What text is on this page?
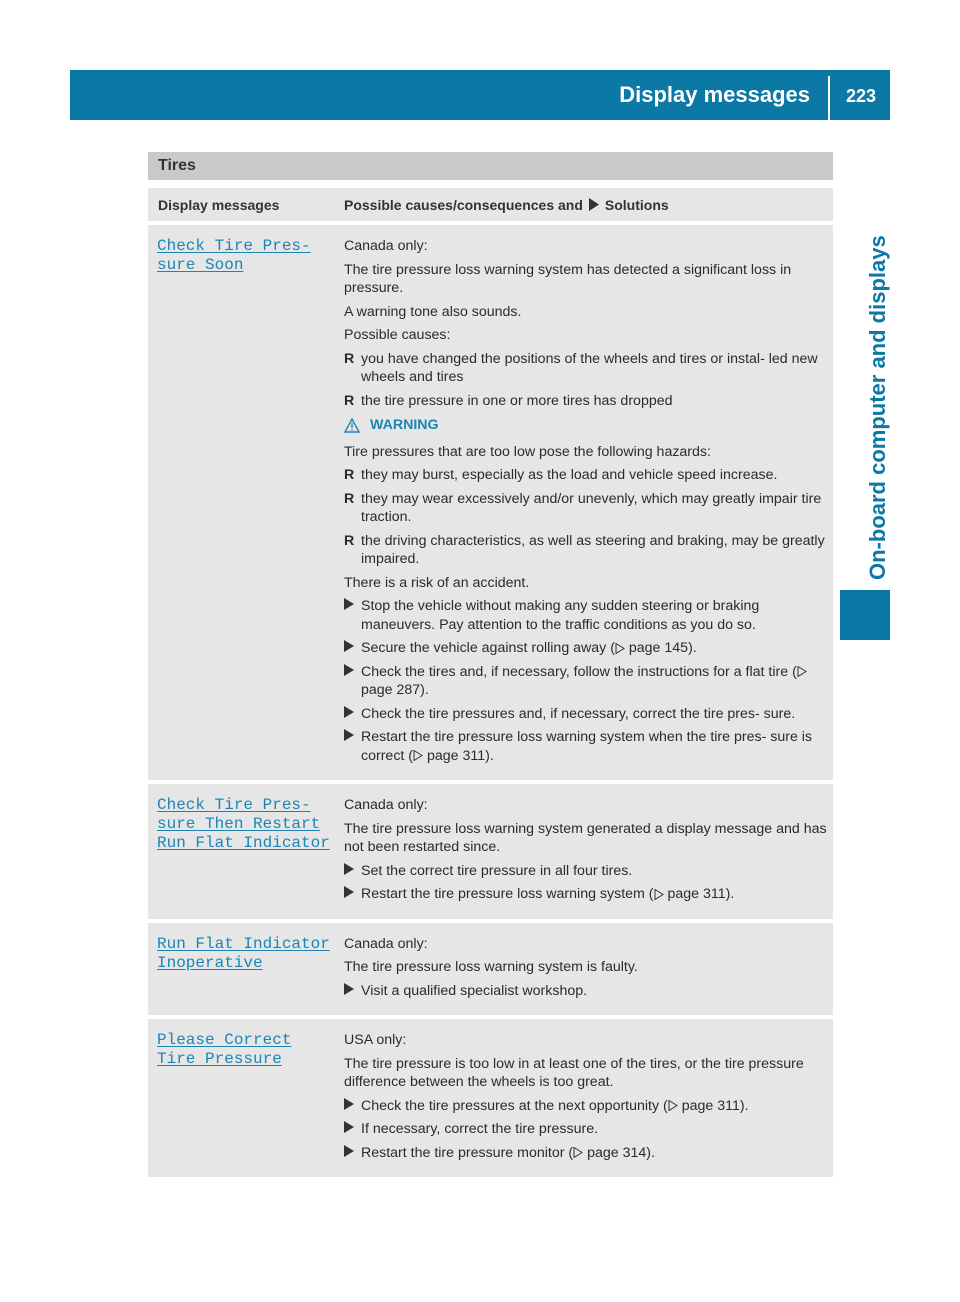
Display messages	223
On-board computer and displays
Tires
Display messages	Possible causes/consequences and Solutions
Check Tire Pres‐
sure Soon

Canada only:

The tire pressure loss warning system has detected a significant loss in pressure.

A warning tone also sounds.

Possible causes:

R you have changed the positions of the wheels and tires or instal‐ led new wheels and tires
R the tire pressure in one or more tires has dropped
WARNING

Tire pressures that are too low pose the following hazards:

R they may burst, especially as the load and vehicle speed increase.
R they may wear excessively and/or unevenly, which may greatly impair tire traction.
R the driving characteristics, as well as steering and braking, may be greatly impaired.

There is a risk of an accident.

Stop the vehicle without making any sudden steering or braking maneuvers. Pay attention to the traffic conditions as you do so.
Secure the vehicle against rolling away ( page 145).
Check the tires and, if necessary, follow the instructions for a flat tire ( page 287).
Check the tire pressures and, if necessary, correct the tire pres‐ sure.
Restart the tire pressure loss warning system when the tire pres‐ sure is correct ( page 311).
Check Tire Pres‐
sure Then Restart
Run Flat Indicator

Canada only:

The tire pressure loss warning system generated a display message and has not been restarted since.

Set the correct tire pressure in all four tires.
Restart the tire pressure loss warning system ( page 311).
Run Flat Indicator
Inoperative

Canada only:

The tire pressure loss warning system is faulty.

Visit a qualified specialist workshop.
Please Correct
Tire Pressure

USA only:

The tire pressure is too low in at least one of the tires, or the tire pressure difference between the wheels is too great.

Check the tire pressures at the next opportunity ( page 311).
If necessary, correct the tire pressure.
Restart the tire pressure monitor ( page 314).
